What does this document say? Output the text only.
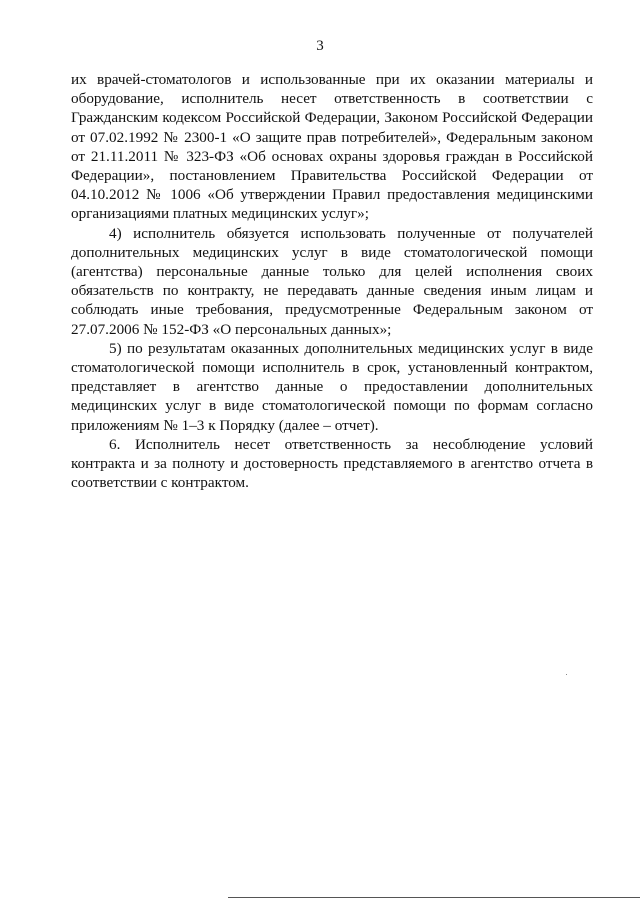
3

их врачей-стоматологов и использованные при их оказании материалы и оборудование, исполнитель несет ответственность в соответствии с Гражданским кодексом Российской Федерации, Законом Российской Федерации от 07.02.1992 № 2300-1 «О защите прав потребителей», Федеральным законом от 21.11.2011 № 323-ФЗ «Об основах охраны здоровья граждан в Российской Федерации», постановлением Правительства Российской Федерации от 04.10.2012 № 1006 «Об утверждении Правил предоставления медицинскими организациями платных медицинских услуг»;

4) исполнитель обязуется использовать полученные от получателей дополнительных медицинских услуг в виде стоматологической помощи (агентства) персональные данные только для целей исполнения своих обязательств по контракту, не передавать данные сведения иным лицам и соблюдать иные требования, предусмотренные Федеральным законом от 27.07.2006 № 152-ФЗ «О персональных данных»;

5) по результатам оказанных дополнительных медицинских услуг в виде стоматологической помощи исполнитель в срок, установленный контрактом, представляет в агентство данные о предоставлении дополнительных медицинских услуг в виде стоматологической помощи по формам согласно приложениям № 1–3 к Порядку (далее – отчет).

6. Исполнитель несет ответственность за несоблюдение условий контракта и за полноту и достоверность представляемого в агентство отчета в соответствии с контрактом.
